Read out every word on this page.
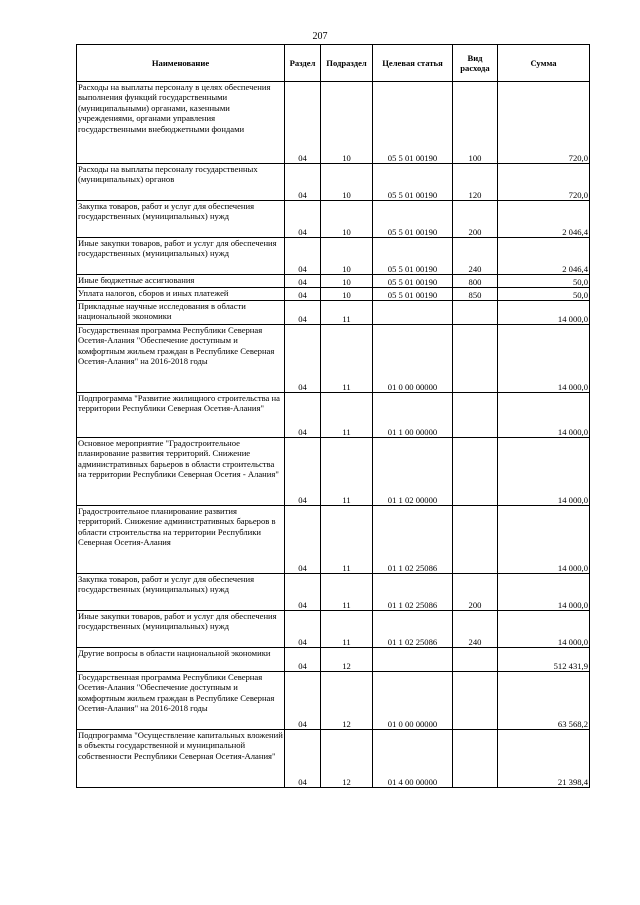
207
Наименование	Раздел	Подраздел	Целевая статья	Вид расхода	Сумма
Расходы на выплаты персоналу в целях обеспечения выполнения функций государственными (муниципальными) органами, казенными учреждениями, органами управления государственными внебюджетными фондами	04	10	05 5 01 00190	100	720,0
Расходы на выплаты персоналу государственных (муниципальных) органов	04	10	05 5 01 00190	120	720,0
Закупка товаров, работ и услуг для обеспечения государственных (муниципальных) нужд	04	10	05 5 01 00190	200	2 046,4
Иные закупки товаров, работ и услуг для обеспечения государственных (муниципальных) нужд	04	10	05 5 01 00190	240	2 046,4
Иные бюджетные ассигнования	04	10	05 5 01 00190	800	50,0
Уплата налогов, сборов и иных платежей	04	10	05 5 01 00190	850	50,0
Прикладные научные исследования в области национальной экономики	04	11			14 000,0
Государственная программа Республики Северная Осетия-Алания "Обеспечение доступным и комфортным жильем граждан в Республике Северная Осетия-Алания" на 2016-2018 годы	04	11	01 0 00 00000		14 000,0
Подпрограмма "Развитие жилищного строительства на территории Республики Северная Осетия-Алания"	04	11	01 1 00 00000		14 000,0
Основное мероприятие "Градостроительное планирование развития территорий. Снижение административных барьеров в области строительства на территории Республики Северная Осетия - Алания"	04	11	01 1 02 00000		14 000,0
Градостроительное планирование развития территорий. Снижение административных барьеров в области строительства на территории Республики Северная Осетия-Алания	04	11	01 1 02 25086		14 000,0
Закупка товаров, работ и услуг для обеспечения государственных (муниципальных) нужд	04	11	01 1 02 25086	200	14 000,0
Иные закупки товаров, работ и услуг для обеспечения государственных (муниципальных) нужд	04	11	01 1 02 25086	240	14 000,0
Другие вопросы в области национальной экономики	04	12			512 431,9
Государственная программа Республики Северная Осетия-Алания "Обеспечение доступным и комфортным жильем граждан в Республике Северная Осетия-Алания" на 2016-2018 годы	04	12	01 0 00 00000		63 568,2
Подпрограмма "Осуществление капитальных вложений в объекты государственной и муниципальной собственности Республики Северная Осетия-Алания"	04	12	01 4 00 00000		21 398,4
